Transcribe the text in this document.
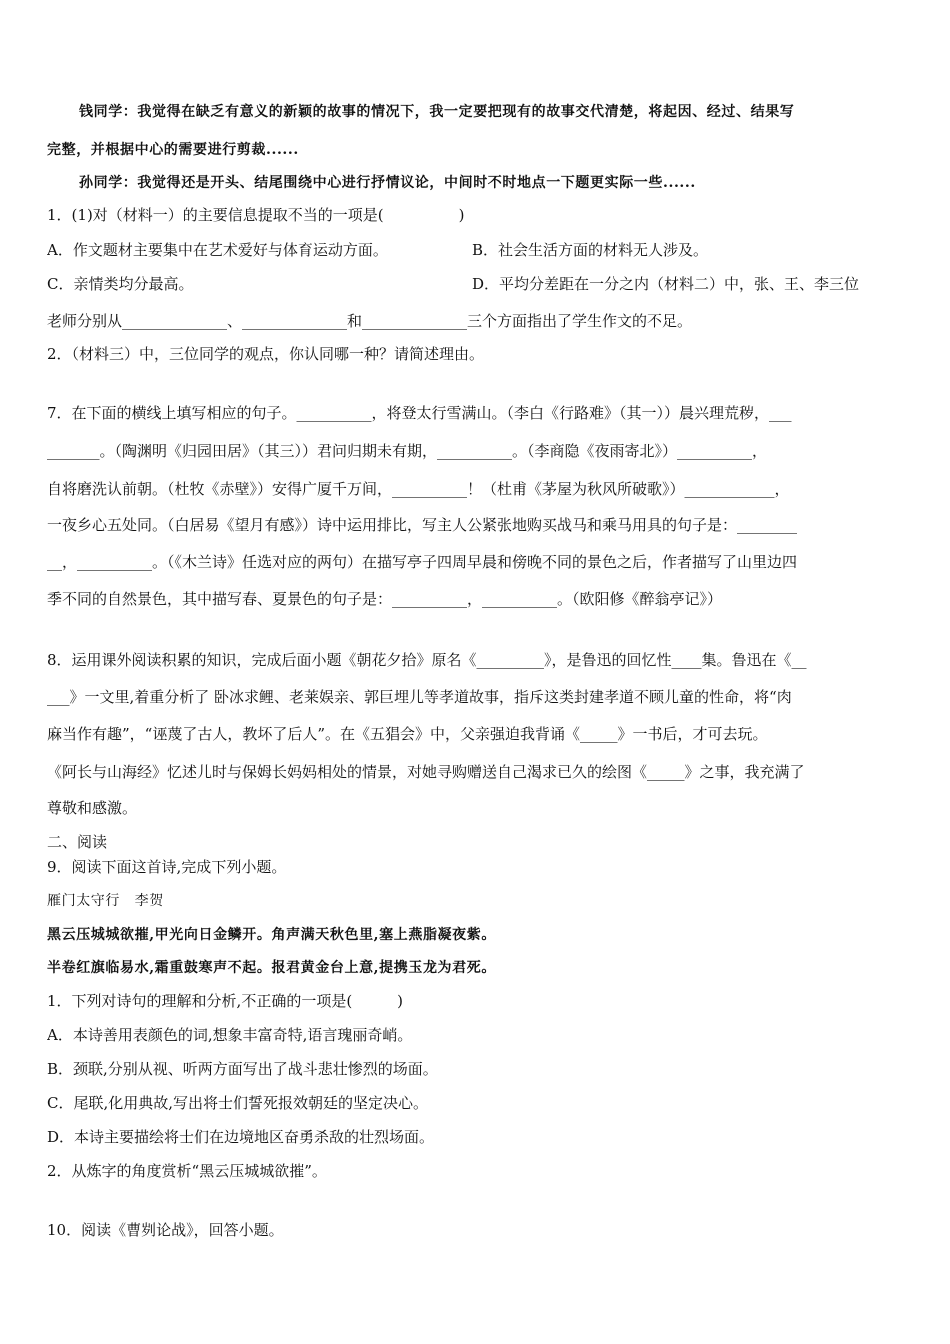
钱同学：我觉得在缺乏有意义的新颖的故事的情况下，我一定要把现有的故事交代清楚，将起因、经过、结果写
完整，并根据中心的需要进行剪裁......
孙同学：我觉得还是开头、结尾围绕中心进行抒情议论，中间时不时地点一下题更实际一些......
1．(1)对（材料一）的主要信息提取不当的一项是(　　　　　)
A．作文题材主要集中在艺术爱好与体育运动方面。	B．社会生活方面的材料无人涉及。
C．亲情类均分最高。	D．平均分差距在一分之内（材料二）中，张、王、李三位
老师分别从______________、______________和______________三个方面指出了学生作文的不足。
2．（材料三）中，三位同学的观点，你认同哪一种？请简述理由。
7．在下面的横线上填写相应的句子。__________，将登太行雪满山。（李白《行路难》（其一））晨兴理荒秽，___
_______。（陶渊明《归园田居》（其三））君问归期未有期，__________。（李商隐《夜雨寄北》）__________，
自将磨洗认前朝。（杜牧《赤壁》）安得广厦千万间，__________！（杜甫《茅屋为秋风所破歌》）____________，
一夜乡心五处同。（白居易《望月有感》）诗中运用排比，写主人公紧张地购买战马和乘马用具的句子是：________
__，__________。（《木兰诗》任选对应的两句）在描写亭子四周早晨和傍晚不同的景色之后，作者描写了山里边四
季不同的自然景色，其中描写春、夏景色的句子是：__________，__________。（欧阳修《醉翁亭记》）
8．运用课外阅读积累的知识，完成后面小题《朝花夕拾》原名《_________》，是鲁迅的回忆性____集。鲁迅在《__
___》一文里,着重分析了 卧冰求鲤、老莱娱亲、郭巨埋儿等孝道故事，指斥这类封建孝道不顾儿童的性命，将“肉
麻当作有趣”，“诬蔑了古人，教坏了后人”。在《五猖会》中，父亲强迫我背诵《_____》一书后，才可去玩。
《阿长与山海经》忆述儿时与保姆长妈妈相处的情景，对她寻购赠送自己渴求已久的绘图《_____》之事，我充满了
尊敬和感激。
二、阅读
9．阅读下面这首诗,完成下列小题。
雁门太守行　李贺
黑云压城城欲摧,甲光向日金鳞开。角声满天秋色里,塞上燕脂凝夜紫。
半卷红旗临易水,霜重鼓寒声不起。报君黄金台上意,提携玉龙为君死。
1．下列对诗句的理解和分析,不正确的一项是(　　　)
A．本诗善用表颜色的词,想象丰富奇特,语言瑰丽奇峭。
B．颈联,分别从视、听两方面写出了战斗悲壮惨烈的场面。
C．尾联,化用典故,写出将士们誓死报效朝廷的坚定决心。
D．本诗主要描绘将士们在边境地区奋勇杀敌的壮烈场面。
2．从炼字的角度赏析“黑云压城城欲摧”。
10．阅读《曹刿论战》，回答小题。
